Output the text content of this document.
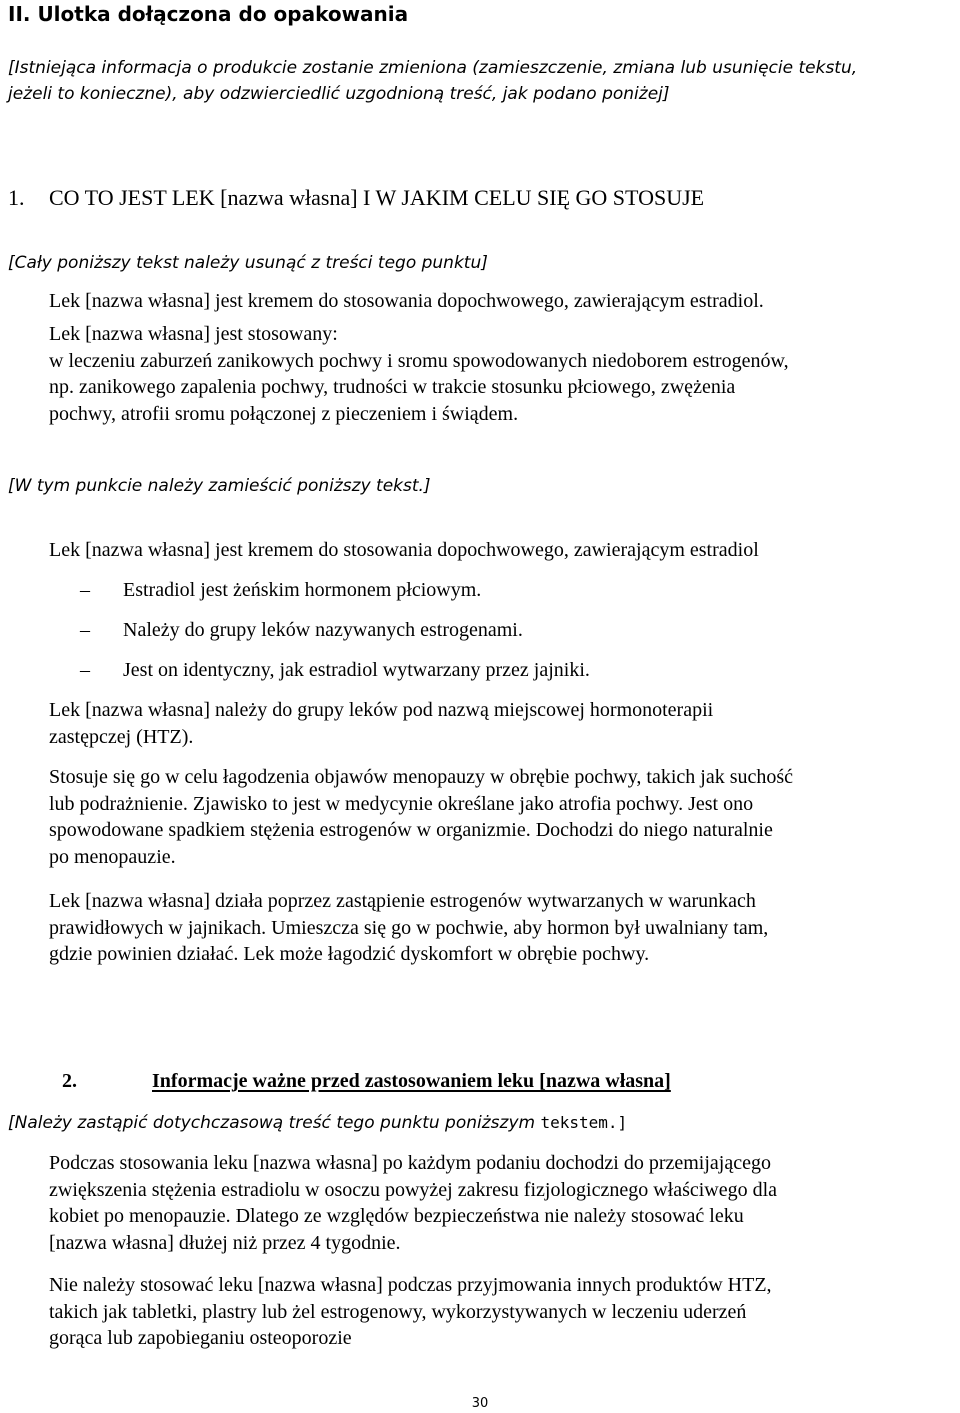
II. Ulotka dołączona do opakowania
[Istniejąca informacja o produkcie zostanie zmieniona (zamieszczenie, zmiana lub usunięcie tekstu,
jeżeli to konieczne), aby odzwierciedlić uzgodnioną treść, jak podano poniżej]
1. CO TO JEST LEK [nazwa własna] I W JAKIM CELU SIĘ GO STOSUJE
[Cały poniższy tekst należy usunąć z treści tego punktu]

Lek [nazwa własna] jest kremem do stosowania dopochwowego, zawierającym estradiol.

Lek [nazwa własna] jest stosowany:
w leczeniu zaburzeń zanikowych pochwy i sromu spowodowanych niedoborem estrogenów,
np. zanikowego zapalenia pochwy, trudności w trakcie stosunku płciowego, zwężenia
pochwy, atrofii sromu połączonej z pieczeniem i świądem.

[W tym punkcie należy zamieścić poniższy tekst.]

Lek [nazwa własna] jest kremem do stosowania dopochwowego, zawierającym estradiol

– Estradiol jest żeńskim hormonem płciowym.

– Należy do grupy leków nazywanych estrogenami.

– Jest on identyczny, jak estradiol wytwarzany przez jajniki.

Lek [nazwa własna] należy do grupy leków pod nazwą miejscowej hormonoterapii
zastępczej (HTZ).

Stosuje się go w celu łagodzenia objawów menopauzy w obrębie pochwy, takich jak suchość
lub podrażnienie. Zjawisko to jest w medycynie określane jako atrofia pochwy. Jest ono
spowodowane spadkiem stężenia estrogenów w organizmie. Dochodzi do niego naturalnie
po menopauzie.

Lek [nazwa własna] działa poprzez zastąpienie estrogenów wytwarzanych w warunkach
prawidłowych w jajnikach. Umieszcza się go w pochwie, aby hormon był uwalniany tam,
gdzie powinien działać. Lek może łagodzić dyskomfort w obrębie pochwy.

2.	Informacje ważne przed zastosowaniem leku [nazwa własna]
[Należy zastąpić dotychczasową treść tego punktu poniższym tekstem.]

Podczas stosowania leku [nazwa własna] po każdym podaniu dochodzi do przemijającego
zwiększenia stężenia estradiolu w osoczu powyżej zakresu fizjologicznego właściwego dla
kobiet po menopauzie. Dlatego ze względów bezpieczeństwa nie należy stosować leku
[nazwa własna] dłużej niż przez 4 tygodnie.

Nie należy stosować leku [nazwa własna] podczas przyjmowania innych produktów HTZ,
takich jak tabletki, plastry lub żel estrogenowy, wykorzystywanych w leczeniu uderzeń
gorąca lub zapobieganiu osteoporozie

30
